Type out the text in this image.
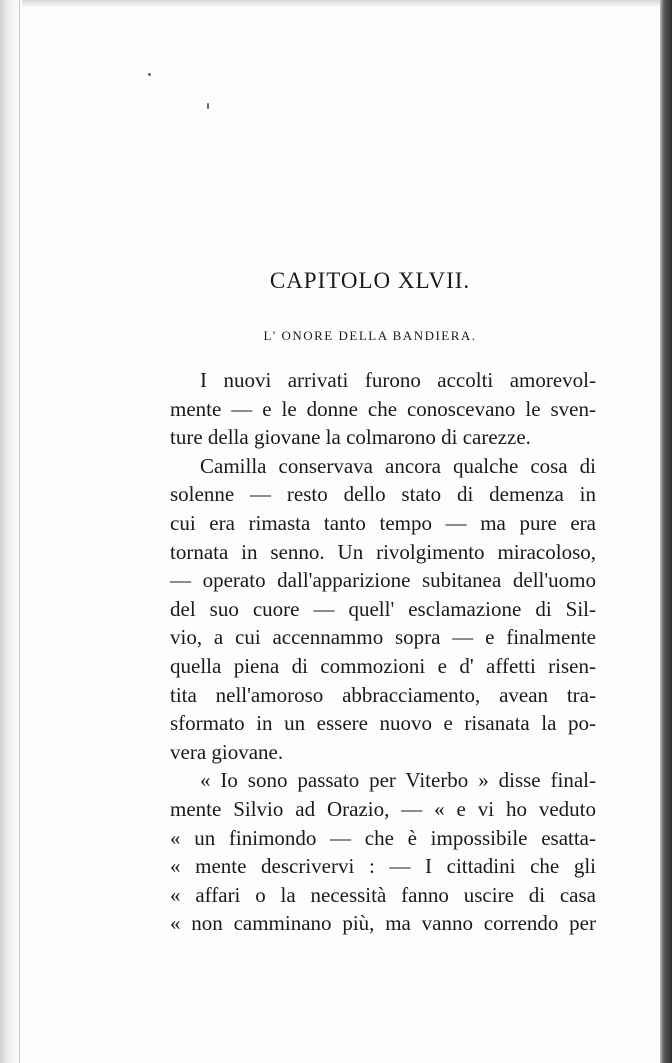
CAPITOLO XLVII.
L' ONORE DELLA BANDIERA.
I nuovi arrivati furono accolti amorevol-
mente — e le donne che conoscevano le sven-
ture della giovane la colmarono di carezze.
Camilla conservava ancora qualche cosa di
solenne — resto dello stato di demenza in
cui era rimasta tanto tempo — ma pure era
tornata in senno. Un rivolgimento miracoloso,
— operato dall'apparizione subitanea dell'uomo
del suo cuore — quell' esclamazione di Sil-
vio, a cui accennammo sopra — e finalmente
quella piena di commozioni e d' affetti risen-
tita nell'amoroso abbracciamento, avean tra-
sformato in un essere nuovo e risanata la po-
vera giovane.
« Io sono passato per Viterbo » disse final-
mente Silvio ad Orazio, — « e vi ho veduto
« un finimondo — che è impossibile esatta-
« mente descrivervi : — I cittadini che gli
« affari o la necessità fanno uscire di casa
« non camminano più, ma vanno correndo per
